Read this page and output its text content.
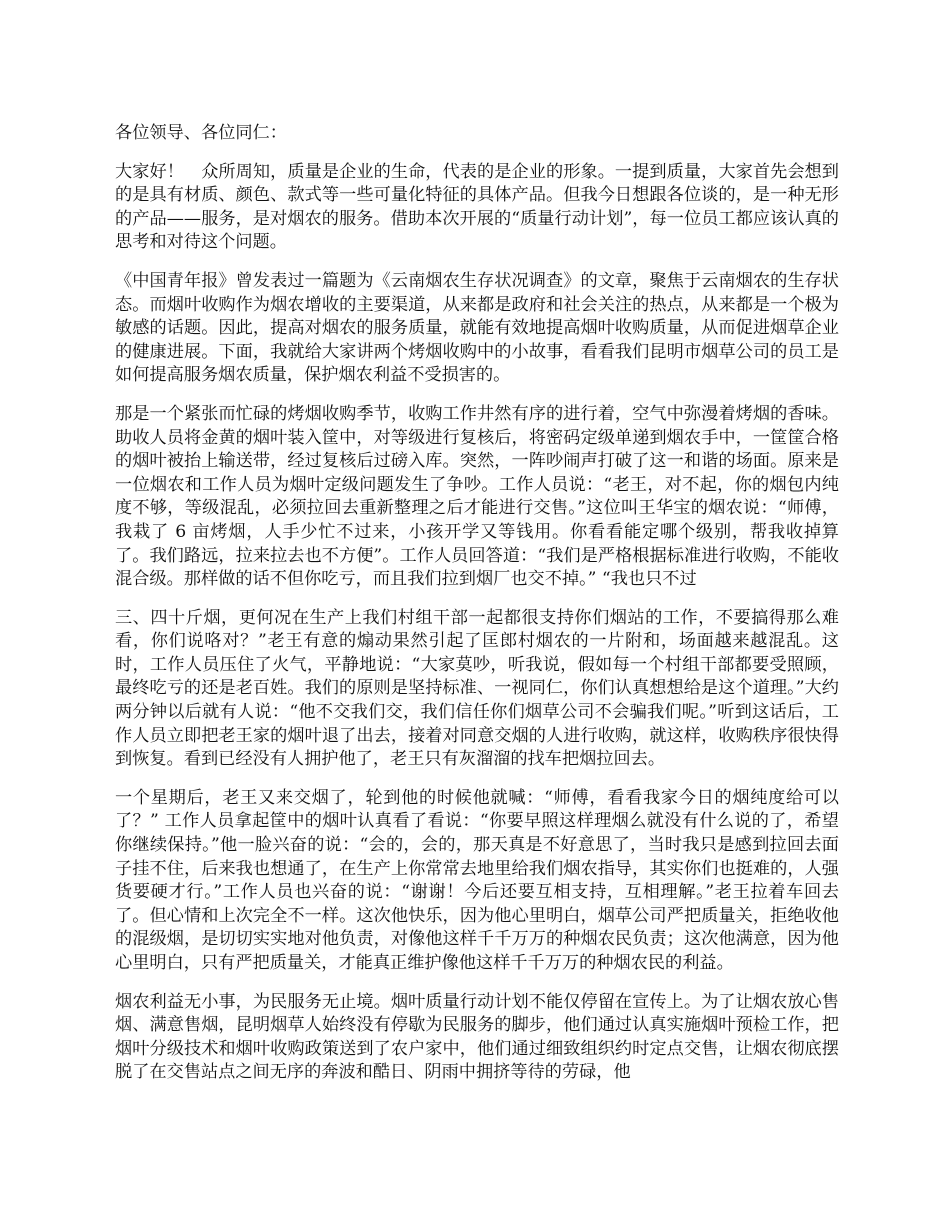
各位领导、各位同仁：

大家好！　众所周知，质量是企业的生命，代表的是企业的形象。一提到质量，大家首先会想到的是具有材质、颜色、款式等一些可量化特征的具体产品。但我今日想跟各位谈的，是一种无形的产品——服务，是对烟农的服务。借助本次开展的“质量行动计划”，每一位员工都应该认真的思考和对待这个问题。

《中国青年报》曾发表过一篇题为《云南烟农生存状况调查》的文章，聚焦于云南烟农的生存状态。而烟叶收购作为烟农增收的主要渠道，从来都是政府和社会关注的热点，从来都是一个极为敏感的话题。因此，提高对烟农的服务质量，就能有效地提高烟叶收购质量，从而促进烟草企业的健康进展。下面，我就给大家讲两个烤烟收购中的小故事，看看我们昆明市烟草公司的员工是如何提高服务烟农质量，保护烟农利益不受损害的。

那是一个紧张而忙碌的烤烟收购季节，收购工作井然有序的进行着，空气中弥漫着烤烟的香味。助收人员将金黄的烟叶装入筐中，对等级进行复核后，将密码定级单递到烟农手中，一筐筐合格的烟叶被抬上输送带，经过复核后过磅入库。突然，一阵吵闹声打破了这一和谐的场面。原来是一位烟农和工作人员为烟叶定级问题发生了争吵。工作人员说：“老王，对不起，你的烟包内纯度不够，等级混乱，必须拉回去重新整理之后才能进行交售。”这位叫王华宝的烟农说：“师傅，我栽了 6 亩烤烟，人手少忙不过来，小孩开学又等钱用。你看看能定哪个级别，帮我收掉算了。我们路远，拉来拉去也不方便”。工作人员回答道：“我们是严格根据标准进行收购，不能收混合级。那样做的话不但你吃亏，而且我们拉到烟厂也交不掉。” “我也只不过

三、四十斤烟，更何况在生产上我们村组干部一起都很支持你们烟站的工作，不要搞得那么难看，你们说咯对？”老王有意的煽动果然引起了匡郎村烟农的一片附和，场面越来越混乱。这时，工作人员压住了火气，平静地说：“大家莫吵，听我说，假如每一个村组干部都要受照顾，最终吃亏的还是老百姓。我们的原则是坚持标准、一视同仁，你们认真想想给是这个道理。”大约两分钟以后就有人说：“他不交我们交，我们信任你们烟草公司不会骗我们呢。”听到这话后，工作人员立即把老王家的烟叶退了出去，接着对同意交烟的人进行收购，就这样，收购秩序很快得到恢复。看到已经没有人拥护他了，老王只有灰溜溜的找车把烟拉回去。

一个星期后，老王又来交烟了，轮到他的时候他就喊：“师傅，看看我家今日的烟纯度给可以了？” 工作人员拿起筐中的烟叶认真看了看说：“你要早照这样理烟么就没有什么说的了，希望你继续保持。”他一脸兴奋的说：“会的，会的，那天真是不好意思了，当时我只是感到拉回去面子挂不住，后来我也想通了，在生产上你常常去地里给我们烟农指导，其实你们也挺难的，人强货要硬才行。”工作人员也兴奋的说：“谢谢！今后还要互相支持，互相理解。”老王拉着车回去了。但心情和上次完全不一样。这次他快乐，因为他心里明白，烟草公司严把质量关，拒绝收他的混级烟，是切切实实地对他负责，对像他这样千千万万的种烟农民负责；这次他满意，因为他心里明白，只有严把质量关，才能真正维护像他这样千千万万的种烟农民的利益。

烟农利益无小事，为民服务无止境。烟叶质量行动计划不能仅停留在宣传上。为了让烟农放心售烟、满意售烟，昆明烟草人始终没有停歇为民服务的脚步，他们通过认真实施烟叶预检工作，把烟叶分级技术和烟叶收购政策送到了农户家中，他们通过细致组织约时定点交售，让烟农彻底摆脱了在交售站点之间无序的奔波和酷日、阴雨中拥挤等待的劳碌，他
